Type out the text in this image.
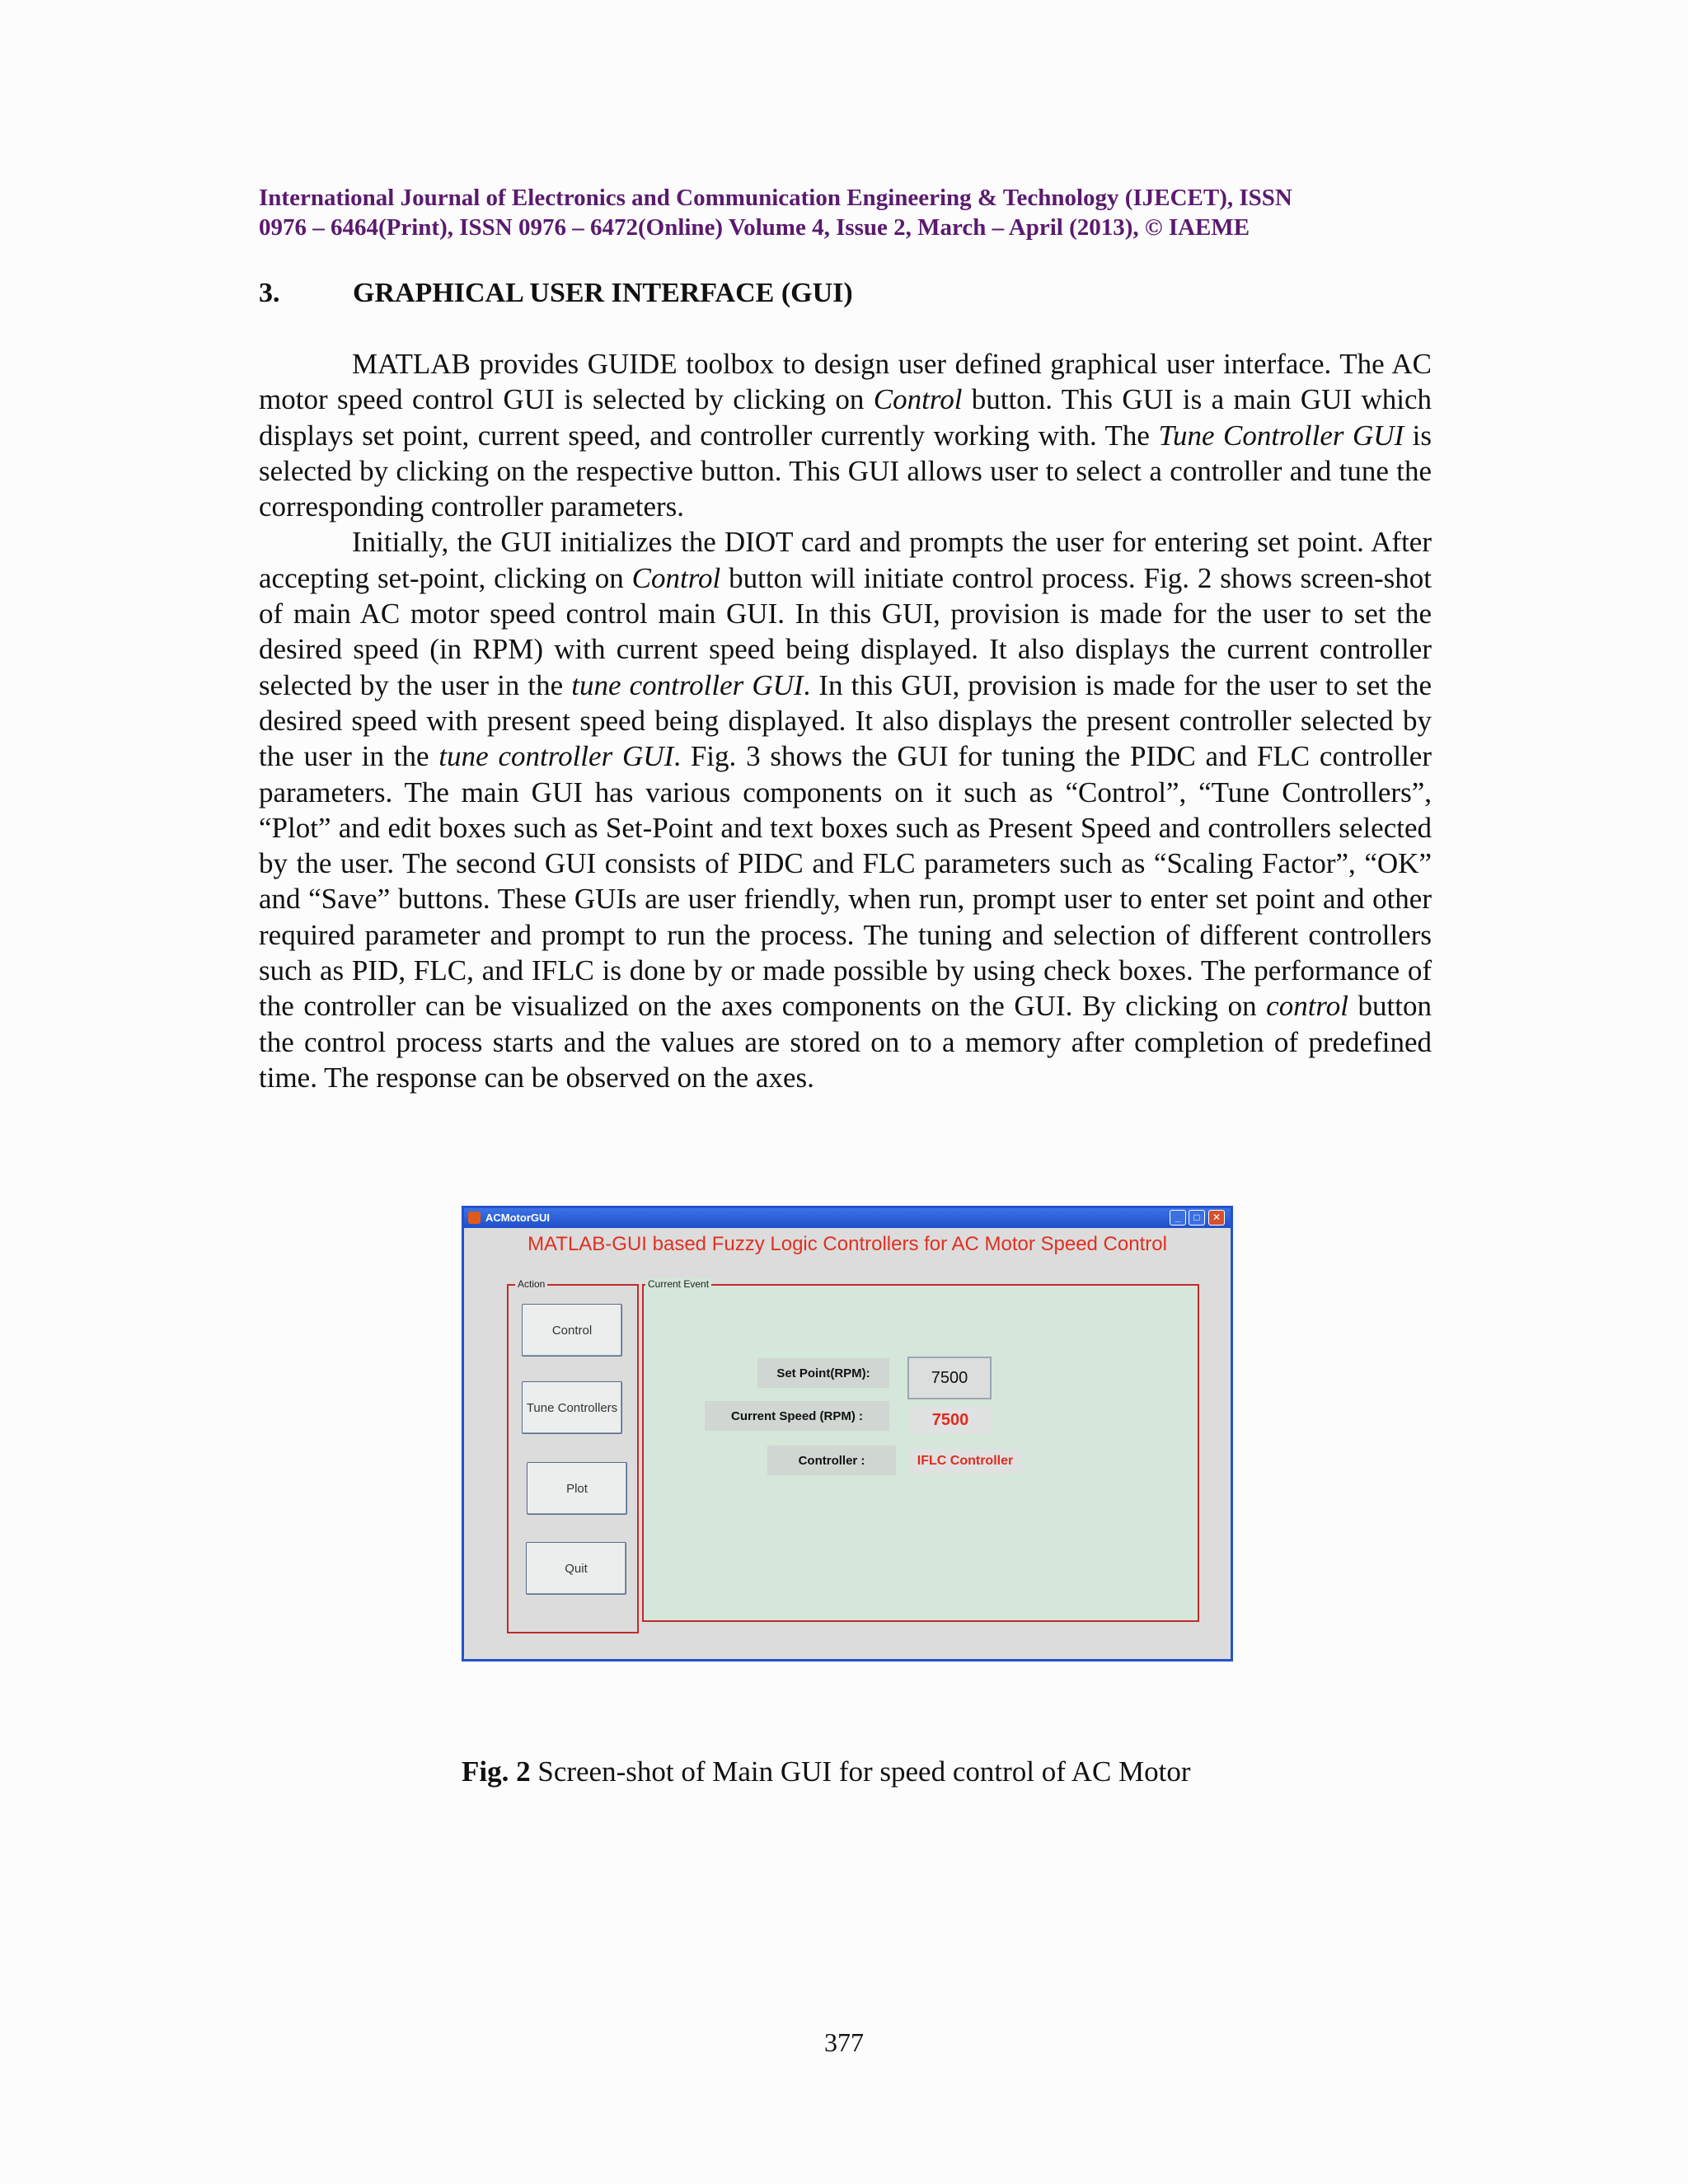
International Journal of Electronics and Communication Engineering & Technology (IJECET), ISSN
0976 – 6464(Print), ISSN 0976 – 6472(Online) Volume 4, Issue 2, March – April (2013), © IAEME
3.	GRAPHICAL USER INTERFACE (GUI)

MATLAB provides GUIDE toolbox to design user defined graphical user interface. The AC motor speed control GUI is selected by clicking on Control button. This GUI is a main GUI which displays set point, current speed, and controller currently working with. The Tune Controller GUI is selected by clicking on the respective button. This GUI allows user to select a controller and tune the corresponding controller parameters.

Initially, the GUI initializes the DIOT card and prompts the user for entering set point. After accepting set-point, clicking on Control button will initiate control process. Fig. 2 shows screen-shot of main AC motor speed control main GUI. In this GUI, provision is made for the user to set the desired speed (in RPM) with current speed being displayed. It also displays the current controller selected by the user in the tune controller GUI. In this GUI, provision is made for the user to set the desired speed with present speed being displayed. It also displays the present controller selected by the user in the tune controller GUI. Fig. 3 shows the GUI for tuning the PIDC and FLC controller parameters. The main GUI has various components on it such as “Control”, “Tune Controllers”, “Plot” and edit boxes such as Set-Point and text boxes such as Present Speed and controllers selected by the user. The second GUI consists of PIDC and FLC parameters such as “Scaling Factor”, “OK” and “Save” buttons. These GUIs are user friendly, when run, prompt user to enter set point and other required parameter and prompt to run the process. The tuning and selection of different controllers such as PID, FLC, and IFLC is done by or made possible by using check boxes. The performance of the controller can be visualized on the axes components on the GUI. By clicking on control button the control process starts and the values are stored on to a memory after completion of predefined time. The response can be observed on the axes.

ACMotorGUI	_	□	✕
MATLAB-GUI based Fuzzy Logic Controllers for AC Motor Speed Control
Action
Control
Tune Controllers
Plot
Quit
Current Event
Set Point(RPM):	7500
Current Speed (RPM) :	7500
Controller :	IFLC Controller
Fig. 2 Screen-shot of Main GUI for speed control of AC Motor
377
